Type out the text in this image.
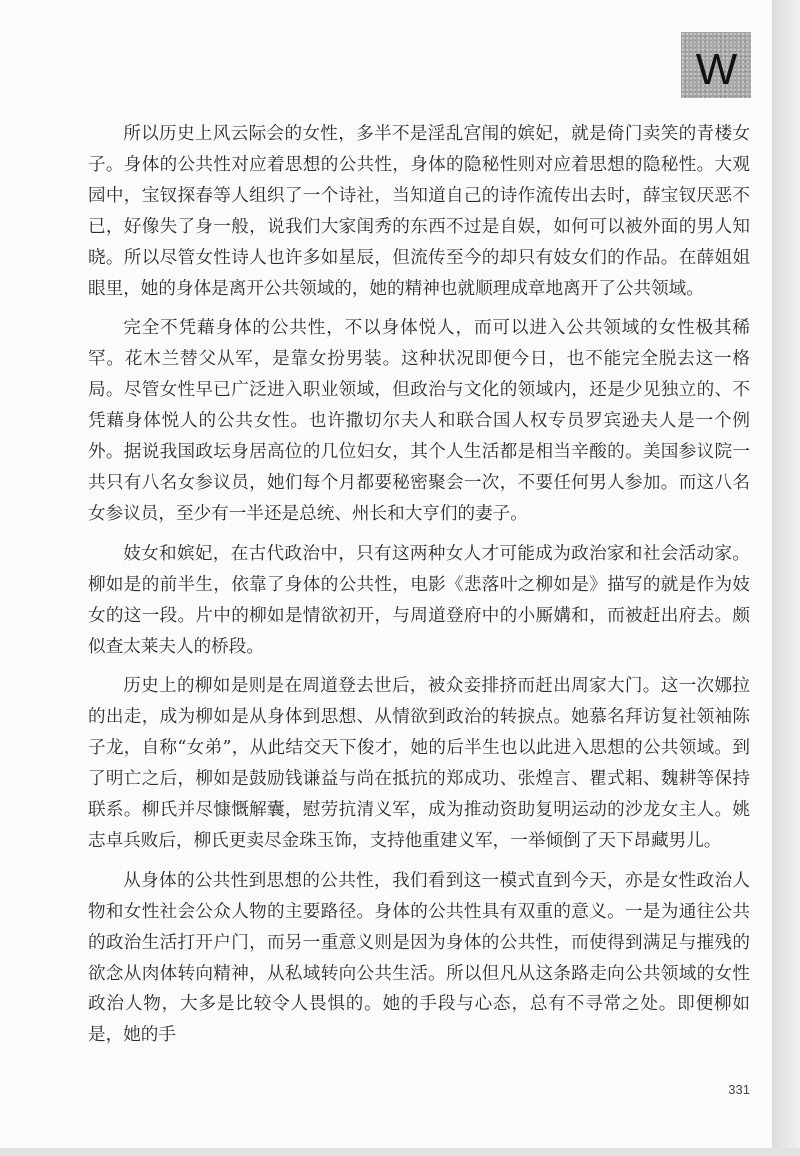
W

所以历史上风云际会的女性，多半不是淫乱宫闱的嫔妃，就是倚门卖笑的青楼女子。身体的公共性对应着思想的公共性，身体的隐秘性则对应着思想的隐秘性。大观园中，宝钗探春等人组织了一个诗社，当知道自己的诗作流传出去时，薛宝钗厌恶不已，好像失了身一般，说我们大家闺秀的东西不过是自娱，如何可以被外面的男人知晓。所以尽管女性诗人也许多如星辰，但流传至今的却只有妓女们的作品。在薛姐姐眼里，她的身体是离开公共领域的，她的精神也就顺理成章地离开了公共领域。

完全不凭藉身体的公共性，不以身体悦人，而可以进入公共领域的女性极其稀罕。花木兰替父从军，是靠女扮男装。这种状况即便今日，也不能完全脱去这一格局。尽管女性早已广泛进入职业领域，但政治与文化的领域内，还是少见独立的、不凭藉身体悦人的公共女性。也许撒切尔夫人和联合国人权专员罗宾逊夫人是一个例外。据说我国政坛身居高位的几位妇女，其个人生活都是相当辛酸的。美国参议院一共只有八名女参议员，她们每个月都要秘密聚会一次，不要任何男人参加。而这八名女参议员，至少有一半还是总统、州长和大亨们的妻子。

妓女和嫔妃，在古代政治中，只有这两种女人才可能成为政治家和社会活动家。柳如是的前半生，依靠了身体的公共性，电影《悲落叶之柳如是》描写的就是作为妓女的这一段。片中的柳如是情欲初开，与周道登府中的小厮媾和，而被赶出府去。颇似查太莱夫人的桥段。

历史上的柳如是则是在周道登去世后，被众妾排挤而赶出周家大门。这一次娜拉的出走，成为柳如是从身体到思想、从情欲到政治的转捩点。她慕名拜访复社领袖陈子龙，自称“女弟”，从此结交天下俊才，她的后半生也以此进入思想的公共领域。到了明亡之后，柳如是鼓励钱谦益与尚在抵抗的郑成功、张煌言、瞿式耜、魏耕等保持联系。柳氏并尽慷慨解囊，慰劳抗清义军，成为推动资助复明运动的沙龙女主人。姚志卓兵败后，柳氏更卖尽金珠玉饰，支持他重建义军，一举倾倒了天下昂藏男儿。

从身体的公共性到思想的公共性，我们看到这一模式直到今天，亦是女性政治人物和女性社会公众人物的主要路径。身体的公共性具有双重的意义。一是为通往公共的政治生活打开户门，而另一重意义则是因为身体的公共性，而使得到满足与摧残的欲念从肉体转向精神，从私域转向公共生活。所以但凡从这条路走向公共领域的女性政治人物，大多是比较令人畏惧的。她的手段与心态，总有不寻常之处。即便柳如是，她的手

331
